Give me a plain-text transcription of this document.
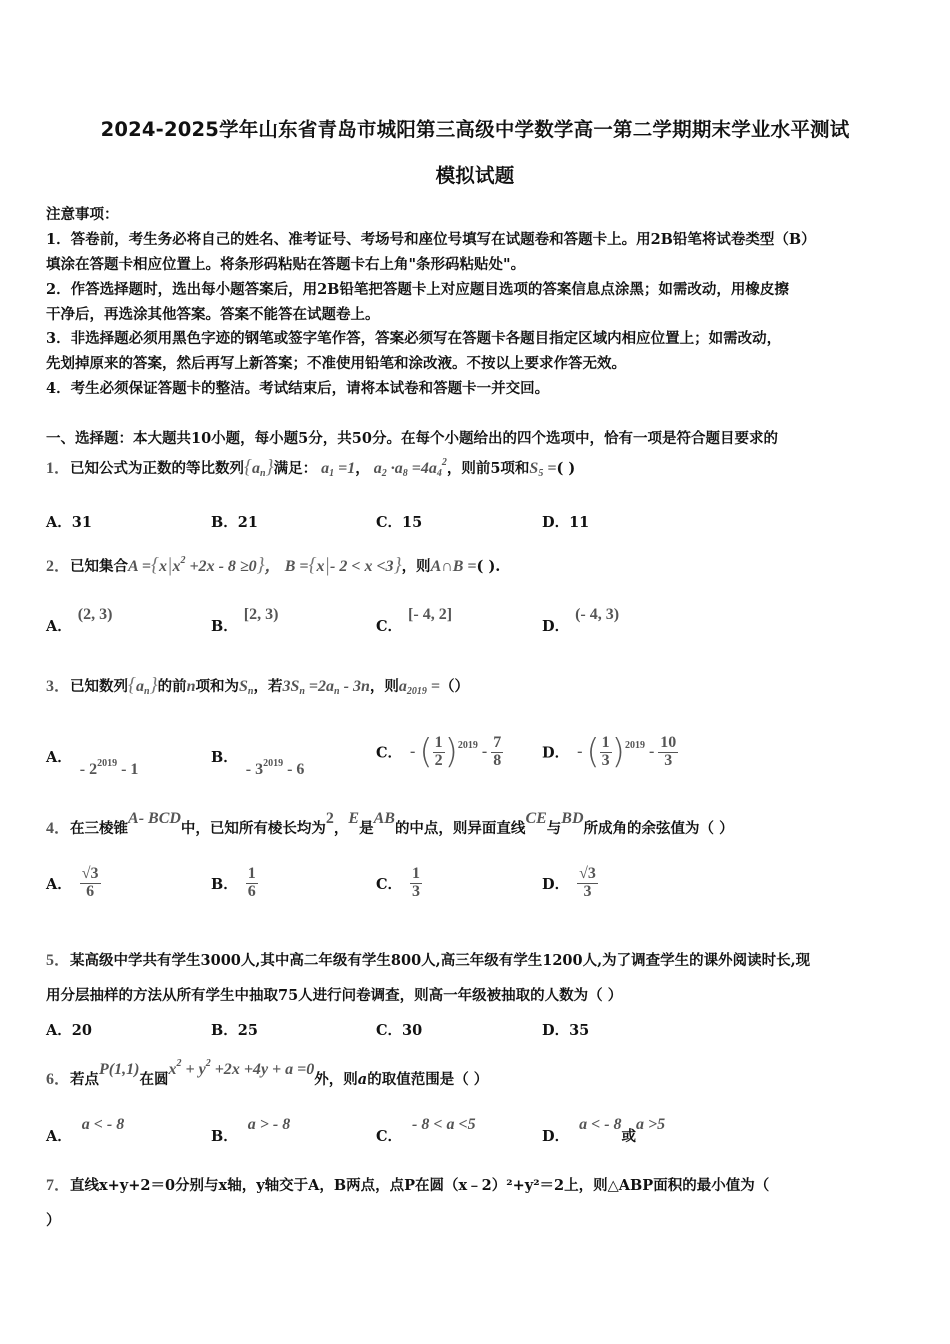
2024-2025学年山东省青岛市城阳第三高级中学数学高一第二学期期末学业水平测试
模拟试题
注意事项：
1．答卷前，考生务必将自己的姓名、准考证号、考场号和座位号填写在试题卷和答题卡上。用2B铅笔将试卷类型（B）
填涂在答题卡相应位置上。将条形码粘贴在答题卡右上角"条形码粘贴处"。
2．作答选择题时，选出每小题答案后，用2B铅笔把答题卡上对应题目选项的答案信息点涂黑；如需改动，用橡皮擦
干净后，再选涂其他答案。答案不能答在试题卷上。
3．非选择题必须用黑色字迹的钢笔或签字笔作答，答案必须写在答题卡各题目指定区域内相应位置上；如需改动，
先划掉原来的答案，然后再写上新答案；不准使用铅笔和涂改液。不按以上要求作答无效。
4．考生必须保证答题卡的整洁。考试结束后，请将本试卷和答题卡一并交回。
一、选择题：本大题共10小题，每小题5分，共50分。在每个小题给出的四个选项中，恰有一项是符合题目要求的
1．已知公式为正数的等比数列$\{a_n\}$满足： $a_1 =1$， $a_2 \cdot a_8 =4a_4^2$，则前5项和$S_5$ =( )
A．31	B．21	C．15	D．11
2．已知集合$A =\{x|x^2 +2x - 8 \ge 0\}$， B ={x|- 2 < x <3}，则A∩B =( ).
A．(2, 3)
B．[2, 3)
C．[- 4, 2]
D．(- 4, 3)
3．已知数列$\{a_n\}$的前n项和为$S_n$，若$3S_n =2a_n - 3n$，则$a_{2019}$ =（）
A．- $2^{2019} - 1$
B．- $3^{2019} - 6$
C． - ( $\frac{1}{2} )^{2019} - \frac{7}{8}$	D． - ( $\frac{1}{3} )^{2019} - \frac{10}{3}$
4．在三棱锥A- BCD中，已知所有棱长均为2，E是AB的中点，则异面直线CE与BD所成角的余弦值为（ ）
A． $\frac{√3}{6}$	B． $\frac{1}{6}$	C． $\frac{1}{3}$	D． $\frac{√3}{3}$
5．某高级中学共有学生3000人,其中高二年级有学生800人,高三年级有学生1200人,为了调查学生的课外阅读时长,现
用分层抽样的方法从所有学生中抽取75人进行问卷调查，则高一年级被抽取的人数为（ ）
A．20	B．25	C．30	D．35
6．若点P(1,1)在圆$x^2 + y^2 +2x +4y + a =0$外，则a的取值范围是（ ）
A．a < - 8
B．a > - 8
C．- 8 < a <5
D．a < - 8或a >5
7．直线x+y+2＝0分别与x轴，y轴交于A，B两点，点P在圆（x﹣2）²+y²＝2上，则△ABP面积的最小值为（
）
